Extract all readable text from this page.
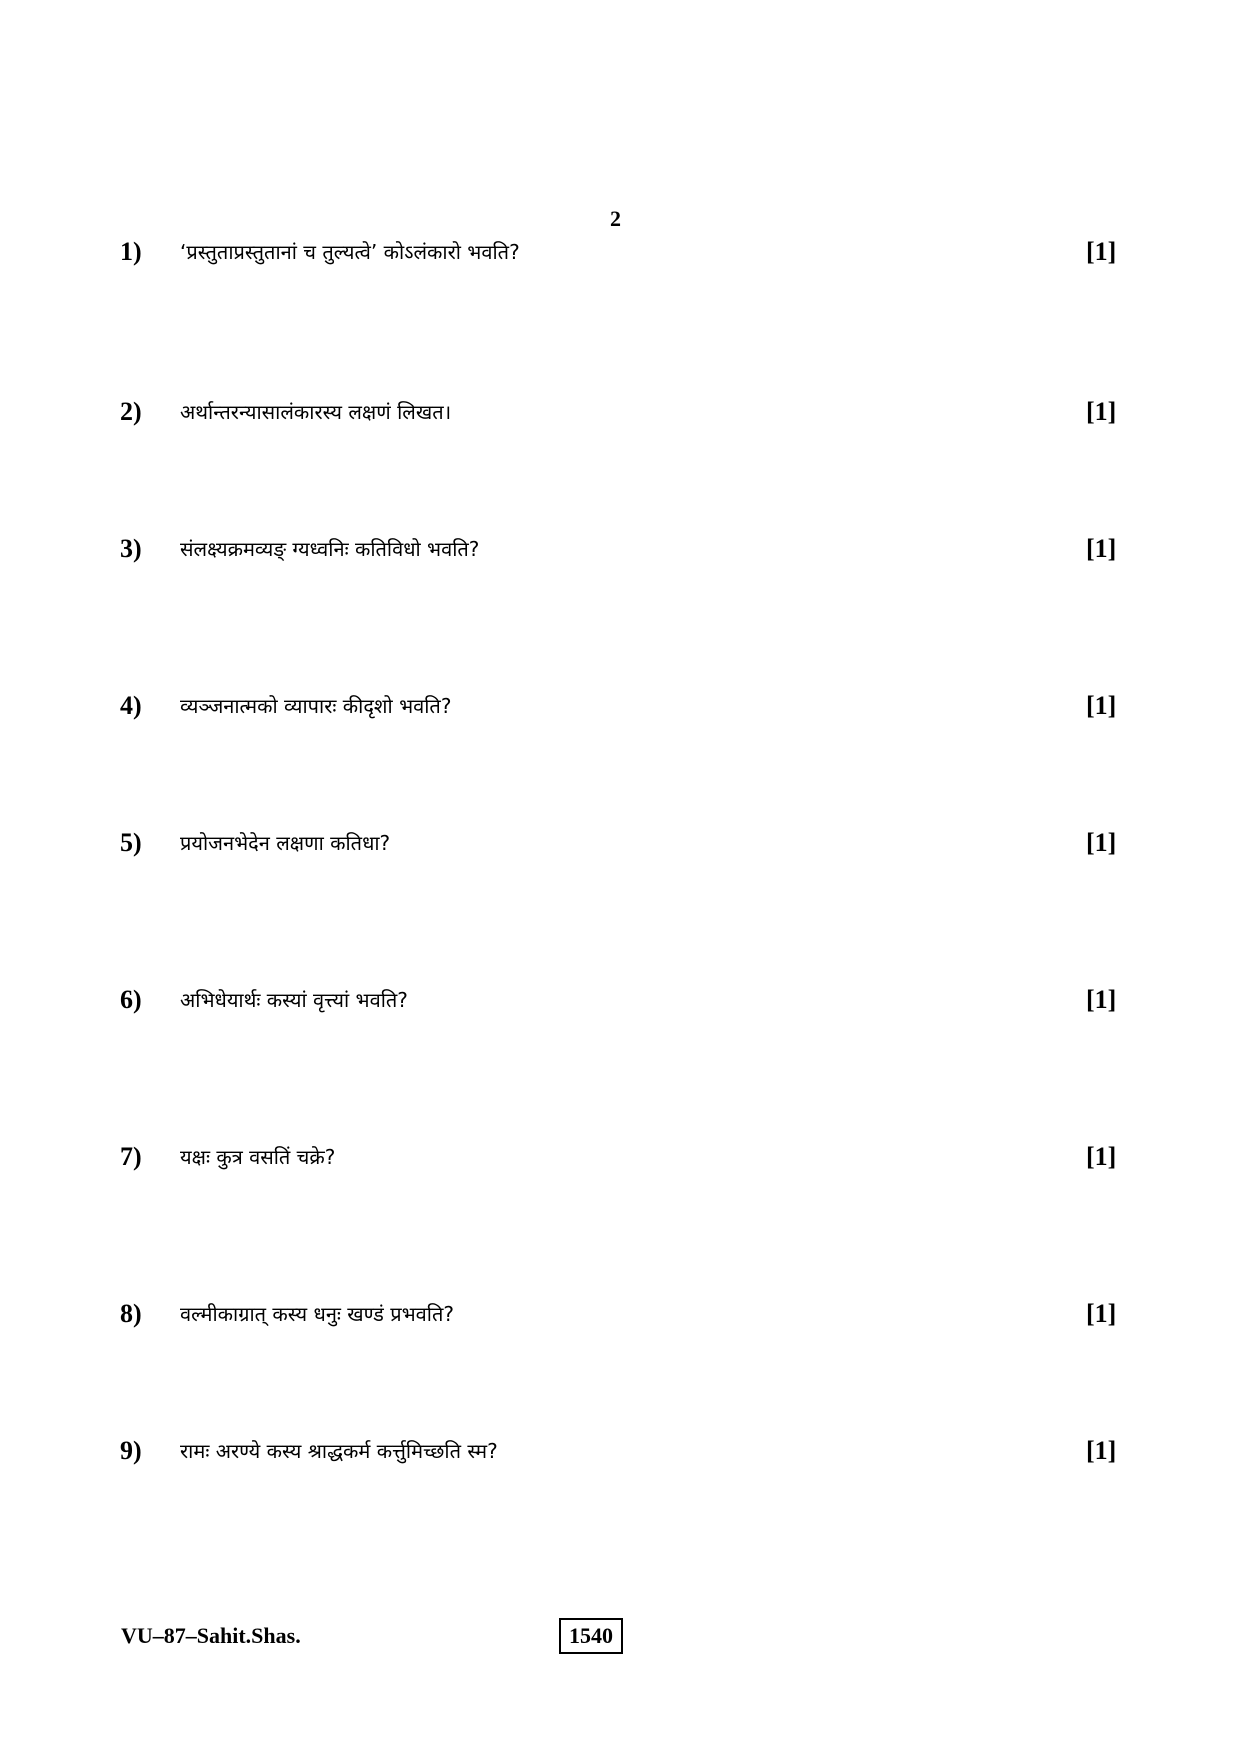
2
1) ‘प्रस्तुताप्रस्तुतानां च तुल्यत्वे’ कोऽलंकारो भवति?	[1]
2) अर्थान्तरन्यासालंकारस्य लक्षणं लिखत।	[1]
3) संलक्ष्यक्रमव्यङ् ग्यध्वनिः कतिविधो भवति?	[1]
4) व्यञ्जनात्मको व्यापारः कीदृशो भवति?	[1]
5) प्रयोजनभेदेन लक्षणा कतिधा?	[1]
6) अभिधेयार्थः कस्यां वृत्त्यां भवति?	[1]
7) यक्षः कुत्र वसतिं चक्रे?	[1]
8) वल्मीकाग्रात् कस्य धनुः खण्डं प्रभवति?	[1]
9) रामः अरण्ये कस्य श्राद्धकर्म कर्त्तुमिच्छति स्म?	[1]
VU–87–Sahit.Shas.	1540
